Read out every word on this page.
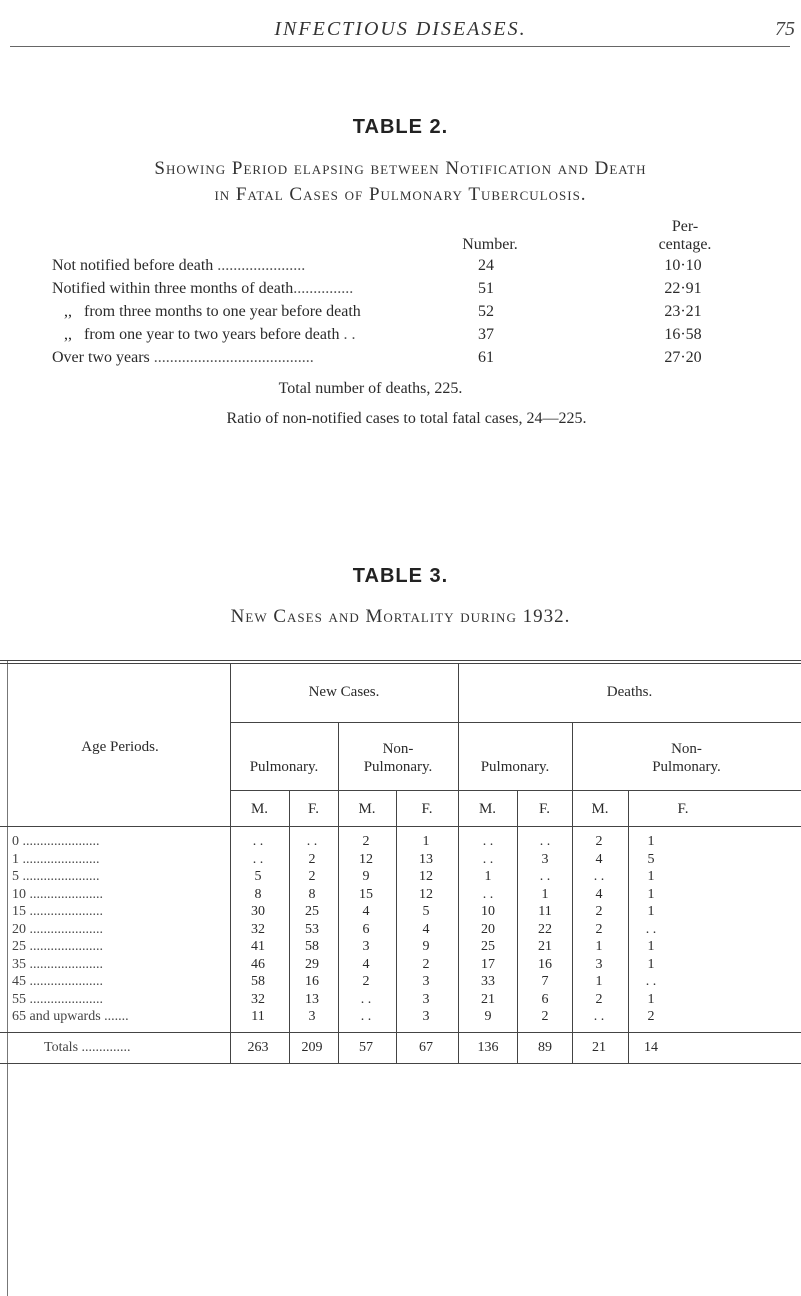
INFECTIOUS DISEASES.	75
TABLE 2.
Showing Period elapsing between Notification and Death
in Fatal Cases of Pulmonary Tuberculosis.
Number.
Per-
centage.
Not notified before death ......................	24	10·10
Notified within three months of death...............	51	22·91
,,   from three months to one year before death	52	23·21
,,   from one year to two years before death . .	37	16·58
Over two years ........................................	61	27·20
Total number of deaths, 225.
Ratio of non-notified cases to total fatal cases, 24—225.
TABLE 3.
New Cases and Mortality during 1932.
Age Periods.
New Cases.	Deaths.
Pulmonary.
Non-
Pulmonary.	Pulmonary.
Non-
Pulmonary.
M.	F.	M.	F.	M.	F.	M.	F.
0 ......................	. .	. .	2	1	. .	. .	2	1
1 ......................	. .	2	12	13	. .	3	4	5
5 ......................	5	2	9	12	1	. .	. .	1
10 .....................	8	8	15	12	. .	1	4	1
15 .....................	30	25	4	5	10	11	2	1
20 .....................	32	53	6	4	20	22	2	. .
25 .....................	41	58	3	9	25	21	1	1
35 .....................	46	29	4	2	17	16	3	1
45 .....................	58	16	2	3	33	7	1	. .
55 .....................	32	13	. .	3	21	6	2	1
65 and upwards .......	11	3	. .	3	9	2	. .	2
Totals ..............	263	209	57	67	136	89	21	14
